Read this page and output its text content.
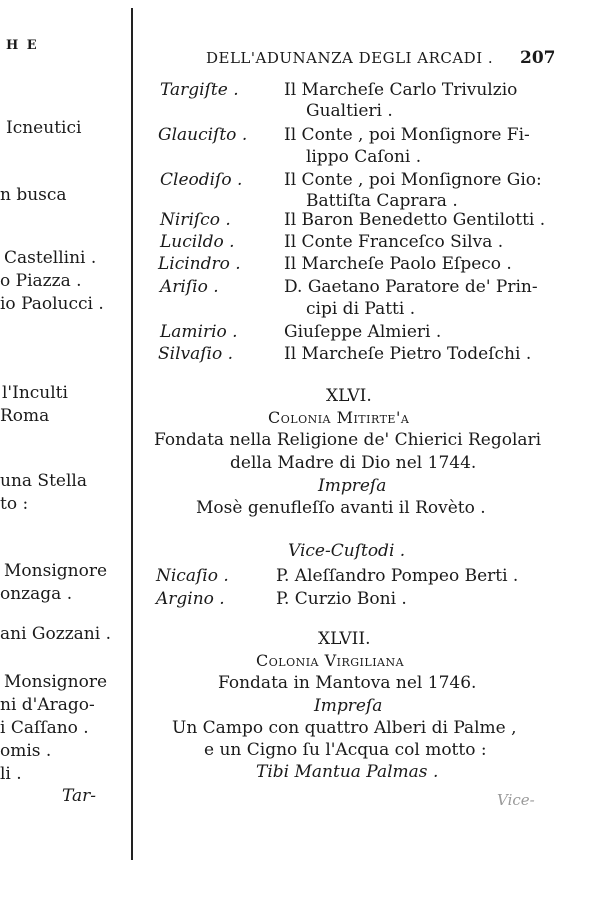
H E
Icneutici
n busca
Castellini .
o Piazza .
io Paolucci .
l'Inculti
Roma
una Stella
to :
Monsignore
onzaga .
ani Gozzani .
Monsignore
ni d'Arago-
i Caſſano .
omis .
li .
Tar-
DELL'ADUNANZA DEGLI ARCADI . 207
Targiſte .	Il Marcheſe Carlo Trivulzio
Gualtieri .
Glauciſto . Il Conte , poi Monſignore Fi-
lippo Caſoni .
Cleodiſo . Il Conte , poi Monſignore Gio:
Battiſta Caprara .
Niriſco .	Il Baron Benedetto Gentilotti .
Lucildo .	Il Conte Franceſco Silva .
Licindro .	Il Marcheſe Paolo Eſpeco .
Ariſio .	D. Gaetano Paratore de' Prin-
cipi di Patti .
Lamirio .	Giuſeppe Almieri .
Silvaſio .	Il Marcheſe Pietro Todeſchi .
XLVI.
Colonia Mitirte'a
Fondata nella Religione de' Chierici Regolari
della Madre di Dio nel 1744.
Impreſa
Mosè genufleſſo avanti il Rovèto .
Vice-Cuſtodi .
Nicaſio .	P. Aleſſandro Pompeo Berti .
Argino .	P. Curzio Boni .
XLVII.
Colonia Virgiliana
Fondata in Mantova nel 1746.
Impreſa
Un Campo con quattro Alberi di Palme ,
e un Cigno ſu l'Acqua col motto :
Tibi Mantua Palmas .
Vice-
